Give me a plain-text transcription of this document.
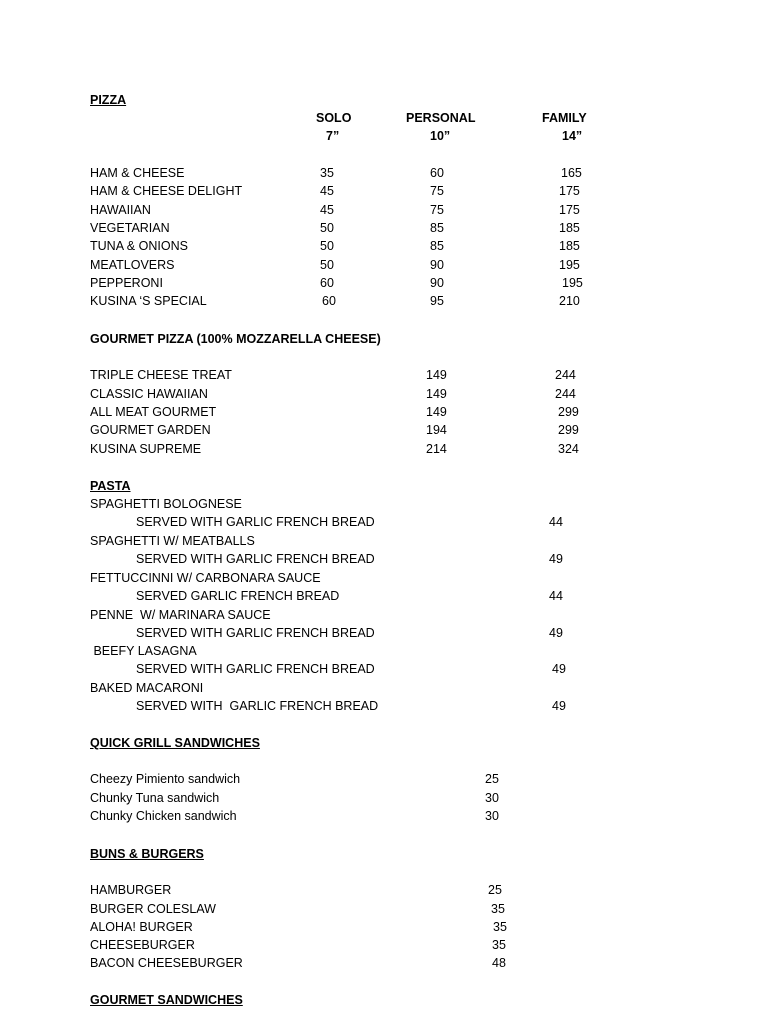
PIZZA
SOLO
7”
PERSONAL
10”
FAMILY
14”
HAM & CHEESE	35	60	165
HAM & CHEESE DELIGHT	45	75	175
HAWAIIAN	45	75	175
VEGETARIAN	50	85	185
TUNA & ONIONS	50	85	185
MEATLOVERS	50	90	195
PEPPERONI	60	90	195
KUSINA ‘S SPECIAL	60	95	210
GOURMET PIZZA (100% MOZZARELLA CHEESE)
TRIPLE CHEESE TREAT	149	244
CLASSIC HAWAIIAN	149	244
ALL MEAT GOURMET	149	299
GOURMET GARDEN	194	299
KUSINA SUPREME	214	324
PASTA
SPAGHETTI BOLOGNESE
SERVED WITH GARLIC FRENCH BREAD	44
SPAGHETTI W/ MEATBALLS
SERVED WITH GARLIC FRENCH BREAD	49
FETTUCCINNI W/ CARBONARA SAUCE
SERVED GARLIC FRENCH BREAD	44
PENNE  W/ MARINARA SAUCE
SERVED WITH GARLIC FRENCH BREAD	49
BEEFY LASAGNA
SERVED WITH GARLIC FRENCH BREAD	49
BAKED MACARONI
SERVED WITH  GARLIC FRENCH BREAD	49
QUICK GRILL SANDWICHES
Cheezy Pimiento sandwich	25
Chunky Tuna sandwich	30
Chunky Chicken sandwich	30
BUNS & BURGERS
HAMBURGER	25
BURGER COLESLAW	35
ALOHA! BURGER	35
CHEESEBURGER	35
BACON CHEESEBURGER	48
GOURMET SANDWICHES
